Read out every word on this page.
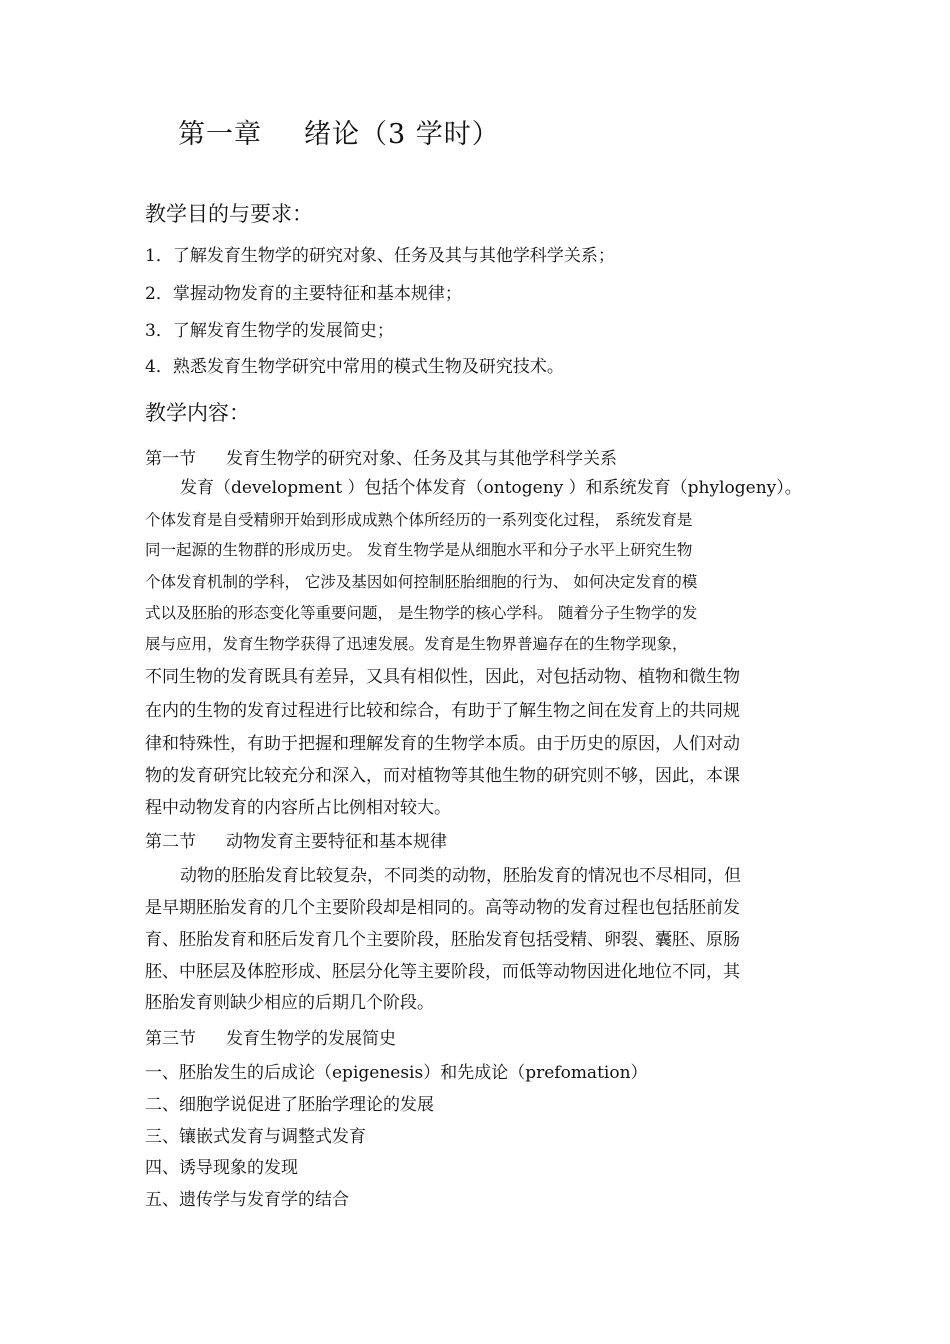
第一章 绪论（3 学时）
教学目的与要求：
1．了解发育生物学的研究对象、任务及其与其他学科学关系；
2．掌握动物发育的主要特征和基本规律；
3．了解发育生物学的发展简史；
4．熟悉发育生物学研究中常用的模式生物及研究技术。
教学内容：
第一节 发育生物学的研究对象、任务及其与其他学科学关系
发育（development ）包括个体发育（ontogeny ）和系统发育（phylogeny）。
个体发育是自受精卵开始到形成成熟个体所经历的一系列变化过程， 系统发育是
同一起源的生物群的形成历史。 发育生物学是从细胞水平和分子水平上研究生物
个体发育机制的学科， 它涉及基因如何控制胚胎细胞的行为、 如何决定发育的模
式以及胚胎的形态变化等重要问题， 是生物学的核心学科。 随着分子生物学的发
展与应用，发育生物学获得了迅速发展。发育是生物界普遍存在的生物学现象，
不同生物的发育既具有差异，又具有相似性，因此，对包括动物、植物和微生物
在内的生物的发育过程进行比较和综合，有助于了解生物之间在发育上的共同规
律和特殊性，有助于把握和理解发育的生物学本质。由于历史的原因，人们对动
物的发育研究比较充分和深入，而对植物等其他生物的研究则不够，因此，本课
程中动物发育的内容所占比例相对较大。
第二节 动物发育主要特征和基本规律
动物的胚胎发育比较复杂，不同类的动物，胚胎发育的情况也不尽相同，但
是早期胚胎发育的几个主要阶段却是相同的。高等动物的发育过程也包括胚前发
育、胚胎发育和胚后发育几个主要阶段，胚胎发育包括受精、卵裂、囊胚、原肠
胚、中胚层及体腔形成、胚层分化等主要阶段，而低等动物因进化地位不同，其
胚胎发育则缺少相应的后期几个阶段。
第三节 发育生物学的发展简史
一、胚胎发生的后成论（epigenesis）和先成论（prefomation）
二、细胞学说促进了胚胎学理论的发展
三、镶嵌式发育与调整式发育
四、诱导现象的发现
五、遗传学与发育学的结合
